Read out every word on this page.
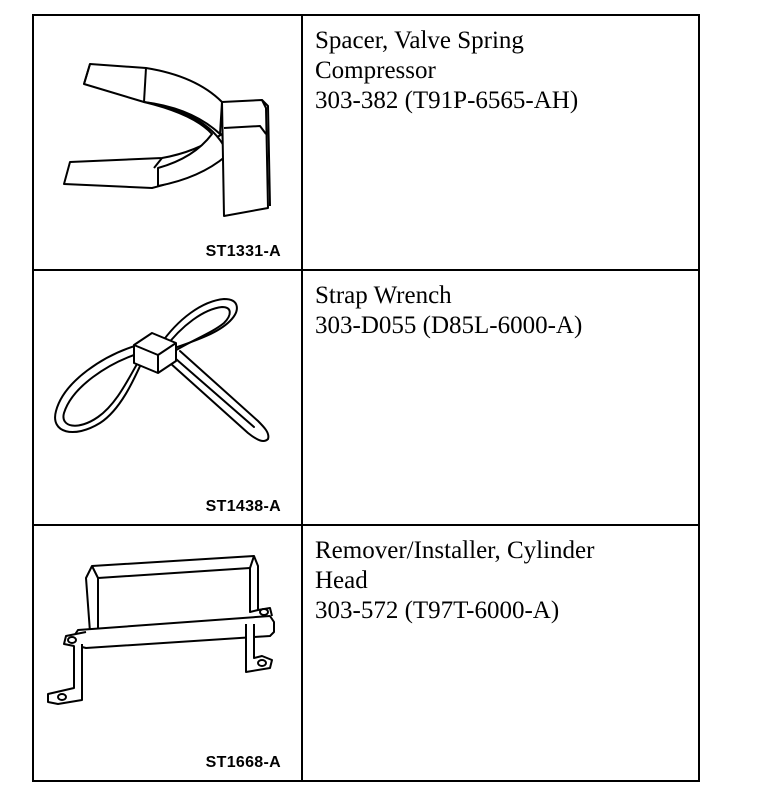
ST1331-A	Spacer, Valve Spring
Compressor
303-382 (T91P-6565-AH)

ST1438-A	Strap Wrench
303-D055 (D85L-6000-A)

ST1668-A	Remover/Installer, Cylinder
Head
303-572 (T97T-6000-A)
